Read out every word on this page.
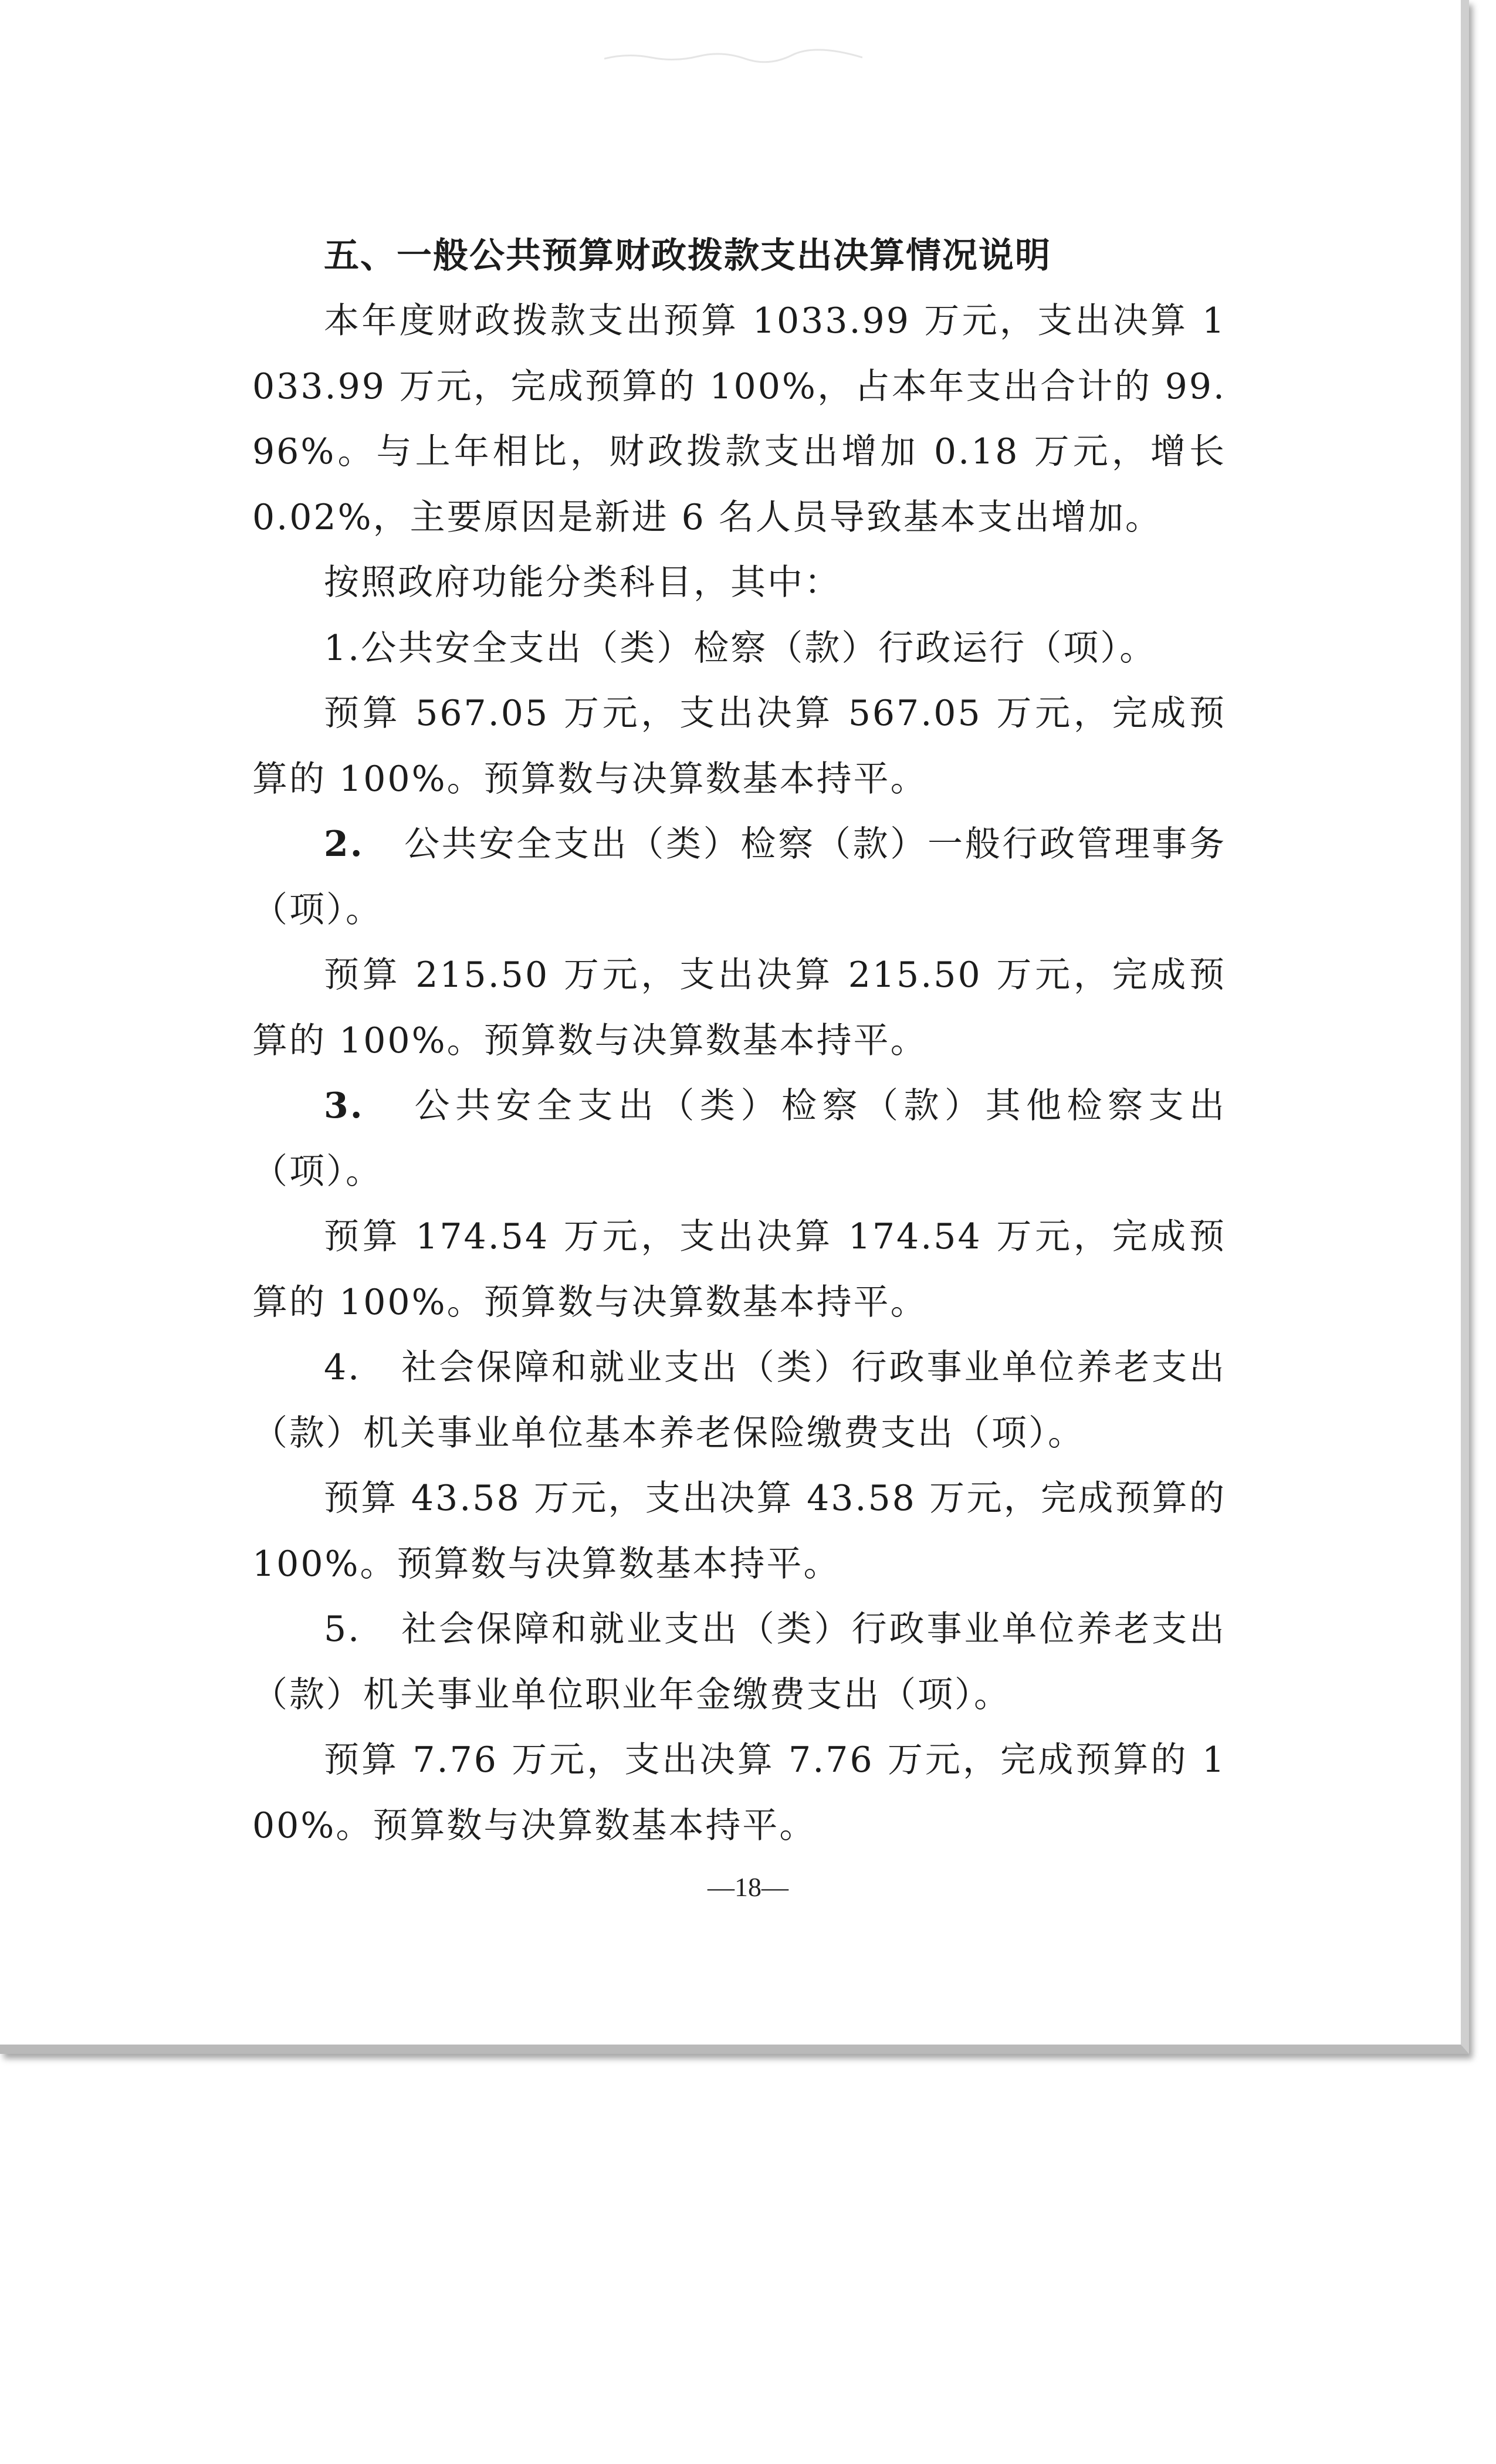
五、一般公共预算财政拨款支出决算情况说明

本年度财政拨款支出预算 1033.99 万元，支出决算 1033.99 万元，完成预算的 100%，占本年支出合计的 99.96%。与上年相比，财政拨款支出增加 0.18 万元，增长 0.02%，主要原因是新进 6 名人员导致基本支出增加。

按照政府功能分类科目，其中：

1.公共安全支出（类）检察（款）行政运行（项）。

预算 567.05 万元，支出决算 567.05 万元，完成预算的 100%。预算数与决算数基本持平。

2. 公共安全支出（类）检察（款）一般行政管理事务（项）。

预算 215.50 万元，支出决算 215.50 万元，完成预算的 100%。预算数与决算数基本持平。

3. 公共安全支出（类）检察（款）其他检察支出（项）。

预算 174.54 万元，支出决算 174.54 万元，完成预算的 100%。预算数与决算数基本持平。

4. 社会保障和就业支出（类）行政事业单位养老支出（款）机关事业单位基本养老保险缴费支出（项）。

预算 43.58 万元，支出决算 43.58 万元，完成预算的 100%。预算数与决算数基本持平。

5. 社会保障和就业支出（类）行政事业单位养老支出（款）机关事业单位职业年金缴费支出（项）。

预算 7.76 万元，支出决算 7.76 万元，完成预算的 100%。预算数与决算数基本持平。

—18—
